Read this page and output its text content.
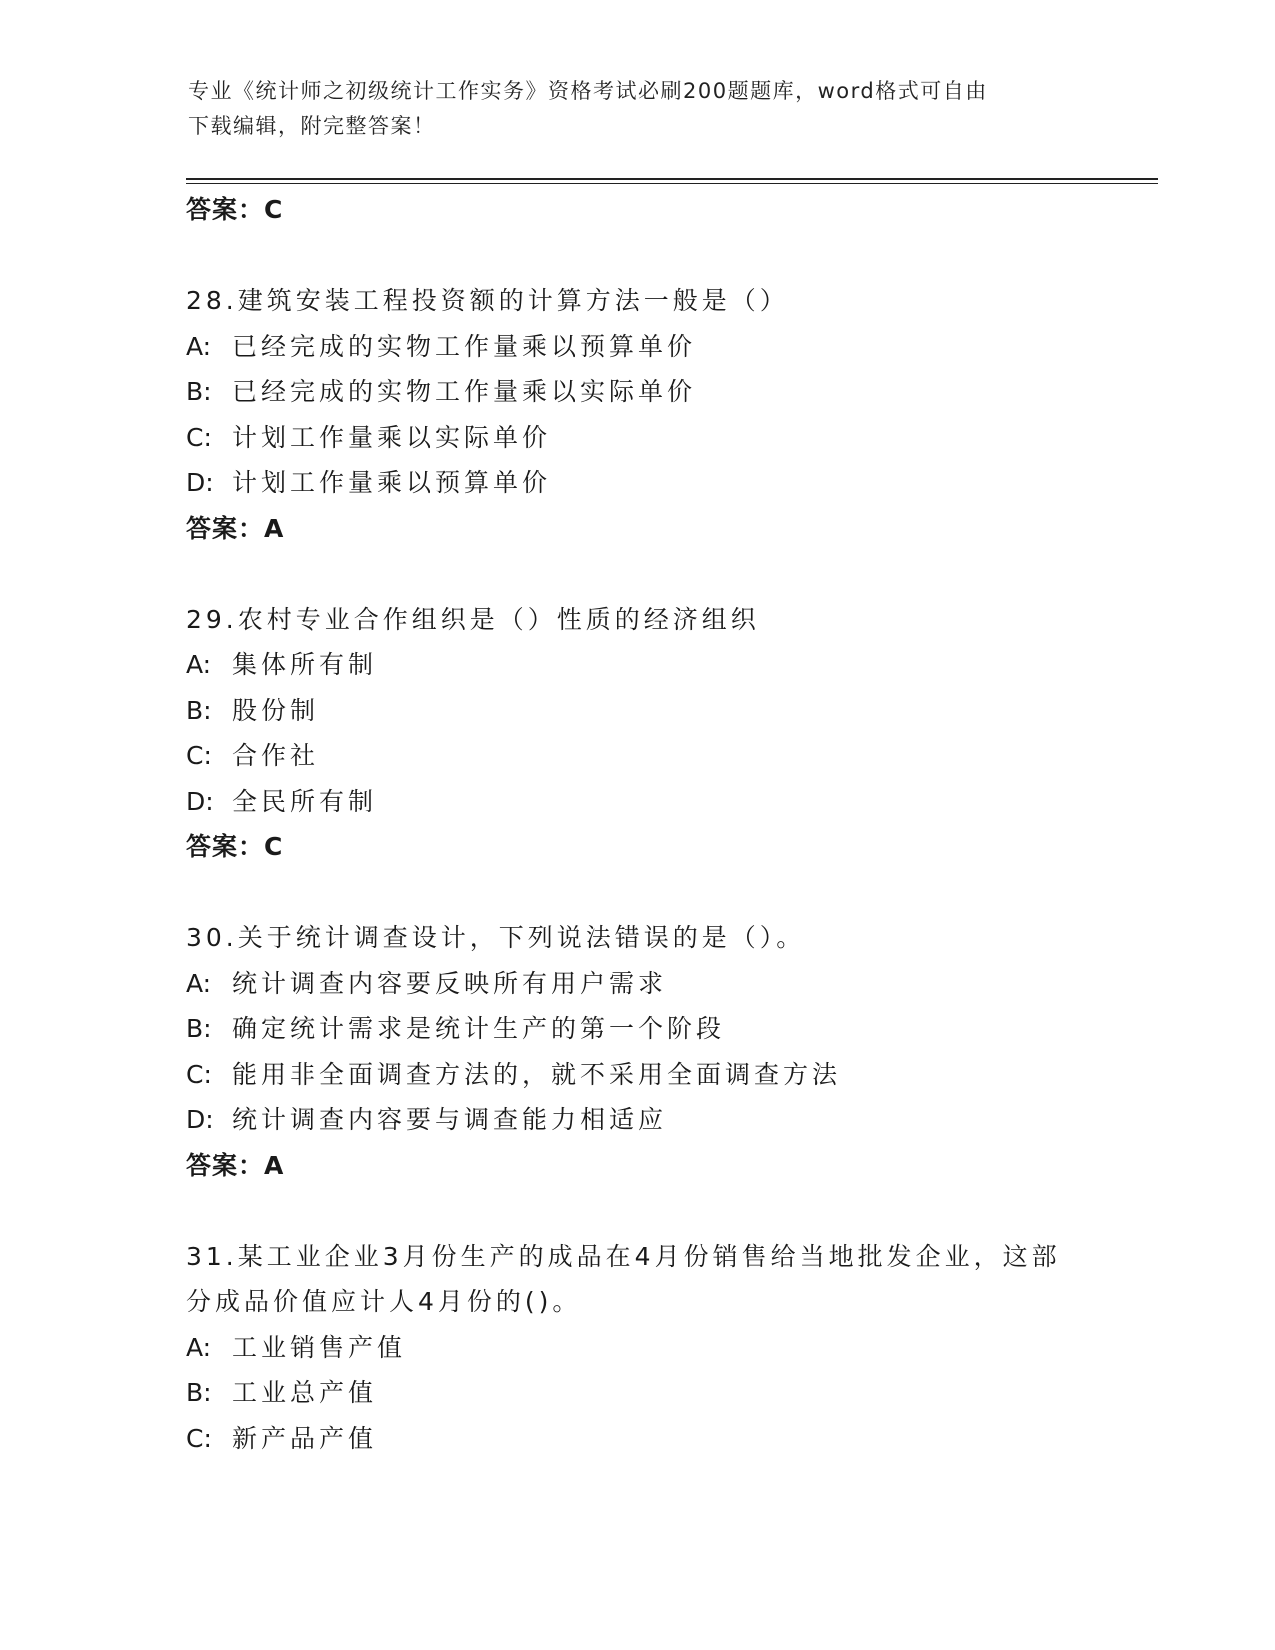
专业《统计师之初级统计工作实务》资格考试必刷200题题库，word格式可自由
下载编辑，附完整答案！
答案：C
28.建筑安装工程投资额的计算方法一般是（）
A: 已经完成的实物工作量乘以预算单价
B: 已经完成的实物工作量乘以实际单价
C: 计划工作量乘以实际单价
D: 计划工作量乘以预算单价
答案：A
29.农村专业合作组织是（）性质的经济组织
A: 集体所有制
B: 股份制
C: 合作社
D: 全民所有制
答案：C
30.关于统计调查设计，下列说法错误的是（）。
A: 统计调查内容要反映所有用户需求
B: 确定统计需求是统计生产的第一个阶段
C: 能用非全面调查方法的，就不采用全面调查方法
D: 统计调查内容要与调查能力相适应
答案：A
31.某工业企业3月份生产的成品在4月份销售给当地批发企业，这部
分成品价值应计人4月份的()。
A: 工业销售产值
B: 工业总产值
C: 新产品产值
